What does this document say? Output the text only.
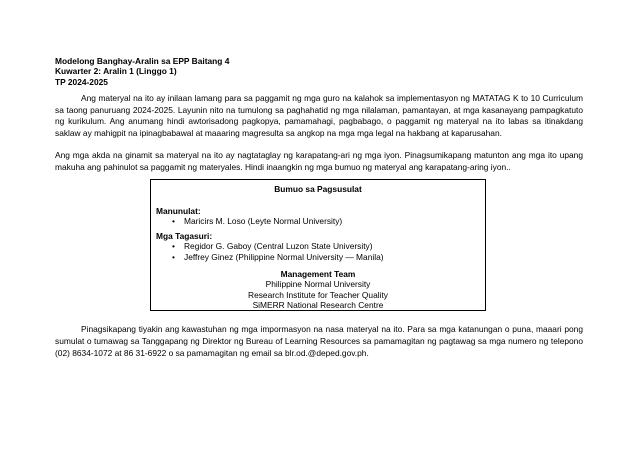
Modelong Banghay-Aralin sa EPP Baitang 4
Kuwarter 2: Aralin 1 (Linggo 1)
TP 2024-2025

Ang materyal na ito ay inilaan lamang para sa paggamit ng mga guro na kalahok sa implementasyon ng MATATAG K to 10 Curriculum sa taong panuruang 2024-2025. Layunin nito na tumulong sa paghahatid ng mga nilalaman, pamantayan, at mga kasanayang pampagkatuto ng kurikulum. Ang anumang hindi awtorisadong pagkopya, pamamahagi, pagbabago, o paggamit ng materyal na ito labas sa itinakdang saklaw ay mahigpit na ipinagbabawal at maaaring magresulta sa angkop na mga mga legal na hakbang at kaparusahan.

Ang mga akda na ginamit sa materyal na ito ay nagtataglay ng karapatang-ari ng mga iyon. Pinagsumikapang matunton ang mga ito upang makuha ang pahinulot sa paggamit ng materyales. Hindi inaangkin ng mga bumuo ng materyal ang karapatang-aring iyon..

Bumuo sa Pagsusulat
Manunulat:
• Maricirs M. Loso (Leyte Normal University)
Mga Tagasuri:
• Regidor G. Gaboy (Central Luzon State University)
• Jeffrey Ginez (Philippine Normal University — Manila)
Management Team
Philippine Normal University
Research Institute for Teacher Quality
SiMERR National Research Centre

Pinagsikapang tiyakin ang kawastuhan ng mga impormasyon na nasa materyal na ito. Para sa mga katanungan o puna, maaari pong sumulat o tumawag sa Tanggapang ng Direktor ng Bureau of Learning Resources sa pamamagitan ng pagtawag sa mga numero ng telepono (02) 8634-1072 at 86 31-6922 o sa pamamagitan ng email sa blr.od.@deped.gov.ph.
